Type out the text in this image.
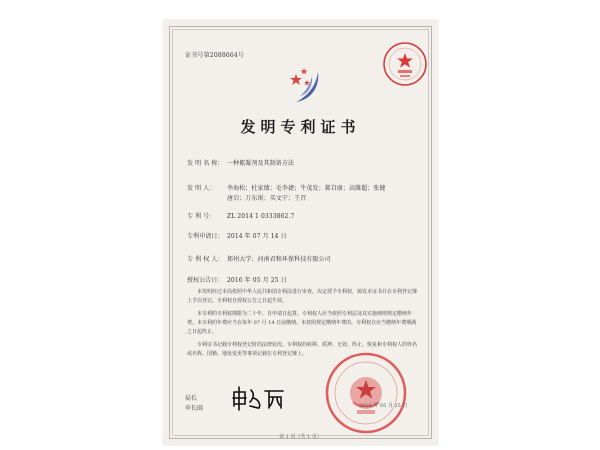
证书号第2088664号
发明专利证书
发 明 名 称： 一种絮凝剂及其制备方法
发 明 人： 李海松；杜家绩；毛李捷；牛茂发；郝自康；高維超；张健
唐启；万东珉；买文宁；王召
专 利 号： ZL 2014 1 0333862.7
专利申请日： 2014 年 07 月 14 日
专 利 权 人： 郑州大学；河南君和环保科技有限公司
授权公告日： 2016 年 05 月 25 日
本发明经过本局依照中华人民共和国专利法进行审查，决定授予专利权，颁发本证书并在专利登记簿上予以登记。专利权自授权公告之日起生效。
本专利的专利权期限为二十年，自申请日起算。专利权人应当依照专利法及其实施细则规定缴纳年费。本专利的年费应当在每年 07 月 14 日前缴纳。未按照规定缴纳年费的，专利权自应当缴纳年费期满之日起终止。
专利证书记载专利权登记时的法律状况。专利权的转移、质押、无效、终止、恢复和专利权人的姓名或名称、国籍、地址变更等事项记载在专利登记簿上。
局长
申长雨	2016 年 05 月 25 日
第 1 页（共 1 页）
